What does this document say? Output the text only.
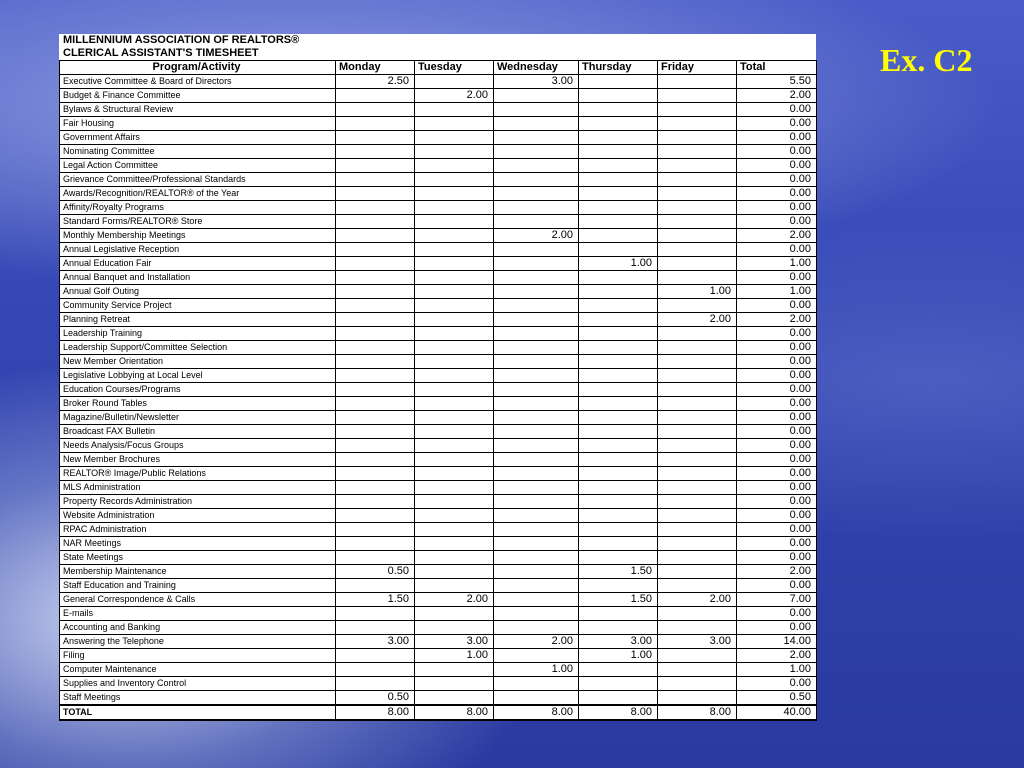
Ex. C2
MILLENNIUM ASSOCIATION OF REALTORS®
CLERICAL ASSISTANT'S TIMESHEET
Program/Activity	Monday	Tuesday	Wednesday	Thursday	Friday	Total
Executive Committee & Board of Directors	2.50		3.00			5.50
Budget & Finance Committee		2.00				2.00
Bylaws & Structural Review						0.00
Fair Housing						0.00
Government Affairs						0.00
Nominating Committee						0.00
Legal Action Committee						0.00
Grievance Committee/Professional Standards						0.00
Awards/Recognition/REALTOR® of the Year						0.00
Affinity/Royalty Programs						0.00
Standard Forms/REALTOR® Store						0.00
Monthly Membership Meetings			2.00			2.00
Annual Legislative Reception						0.00
Annual Education Fair				1.00		1.00
Annual Banquet and Installation						0.00
Annual Golf Outing					1.00	1.00
Community Service Project						0.00
Planning Retreat					2.00	2.00
Leadership Training						0.00
Leadership Support/Committee Selection						0.00
New Member Orientation						0.00
Legislative Lobbying at Local Level						0.00
Education Courses/Programs						0.00
Broker Round Tables						0.00
Magazine/Bulletin/Newsletter						0.00
Broadcast FAX Bulletin						0.00
Needs Analysis/Focus Groups						0.00
New Member Brochures						0.00
REALTOR® Image/Public Relations						0.00
MLS Administration						0.00
Property Records Administration						0.00
Website Administration						0.00
RPAC Administration						0.00
NAR Meetings						0.00
State Meetings						0.00
Membership Maintenance	0.50			1.50		2.00
Staff Education and Training						0.00
General Correspondence & Calls	1.50	2.00		1.50	2.00	7.00
E-mails						0.00
Accounting and Banking						0.00
Answering the Telephone	3.00	3.00	2.00	3.00	3.00	14.00
Filing		1.00		1.00		2.00
Computer Maintenance			1.00			1.00
Supplies and Inventory Control						0.00
Staff Meetings	0.50					0.50
TOTAL	8.00	8.00	8.00	8.00	8.00	40.00
